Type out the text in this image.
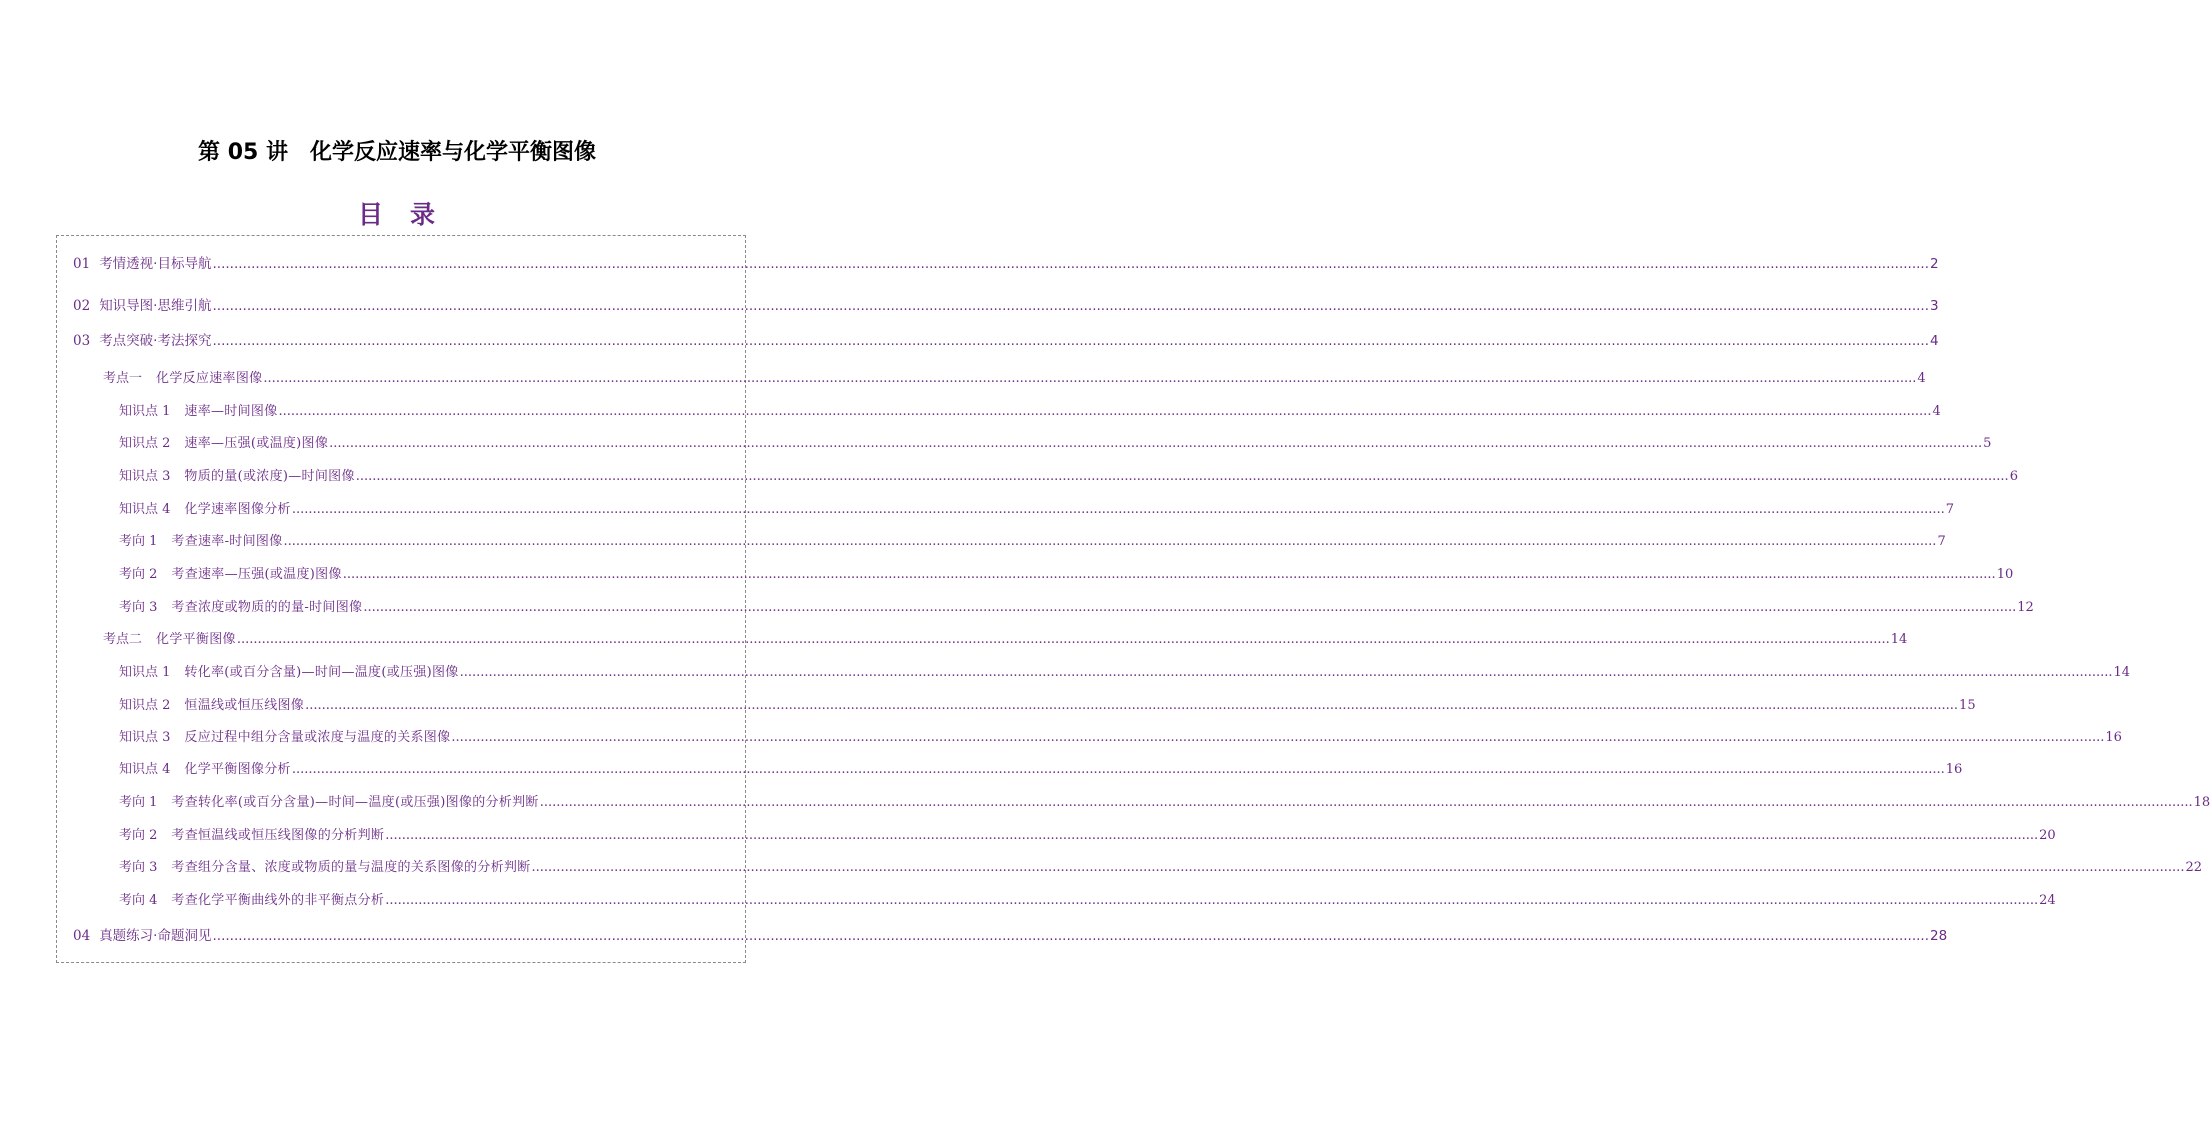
第 05 讲　化学反应速率与化学平衡图像
目　录
01 考情透视·目标导航 ................................................................................................................................................................................................................................................................................................................................................................................................................ 2
02 知识导图·思维引航 ................................................................................................................................................................................................................................................................................................................................................................................................................ 3
03 考点突破·考法探究 ................................................................................................................................................................................................................................................................................................................................................................................................................ 4
考点一 化学反应速率图像 ................................................................................................................................................................................................................................................................................................................................................................................................................ 4
知识点 1 速率—时间图像 ................................................................................................................................................................................................................................................................................................................................................................................................................ 4
知识点 2 速率—压强(或温度)图像 ................................................................................................................................................................................................................................................................................................................................................................................................................ 5
知识点 3 物质的量(或浓度)—时间图像 ................................................................................................................................................................................................................................................................................................................................................................................................................ 6
知识点 4 化学速率图像分析 ................................................................................................................................................................................................................................................................................................................................................................................................................ 7
考向 1 考查速率-时间图像 ................................................................................................................................................................................................................................................................................................................................................................................................................ 7
考向 2 考查速率—压强(或温度)图像 ................................................................................................................................................................................................................................................................................................................................................................................................................ 10
考向 3 考查浓度或物质的的量-时间图像 ................................................................................................................................................................................................................................................................................................................................................................................................................ 12
考点二 化学平衡图像 ................................................................................................................................................................................................................................................................................................................................................................................................................ 14
知识点 1 转化率(或百分含量)—时间—温度(或压强)图像 ................................................................................................................................................................................................................................................................................................................................................................................................................ 14
知识点 2 恒温线或恒压线图像 ................................................................................................................................................................................................................................................................................................................................................................................................................ 15
知识点 3 反应过程中组分含量或浓度与温度的关系图像 ................................................................................................................................................................................................................................................................................................................................................................................................................ 16
知识点 4 化学平衡图像分析 ................................................................................................................................................................................................................................................................................................................................................................................................................ 16
考向 1 考查转化率(或百分含量)—时间—温度(或压强)图像的分析判断 ................................................................................................................................................................................................................................................................................................................................................................................................................ 18
考向 2 考查恒温线或恒压线图像的分析判断 ................................................................................................................................................................................................................................................................................................................................................................................................................ 20
考向 3 考查组分含量、浓度或物质的量与温度的关系图像的分析判断 ................................................................................................................................................................................................................................................................................................................................................................................................................ 22
考向 4 考查化学平衡曲线外的非平衡点分析 ................................................................................................................................................................................................................................................................................................................................................................................................................ 24
04 真题练习·命题洞见 ................................................................................................................................................................................................................................................................................................................................................................................................................ 28
